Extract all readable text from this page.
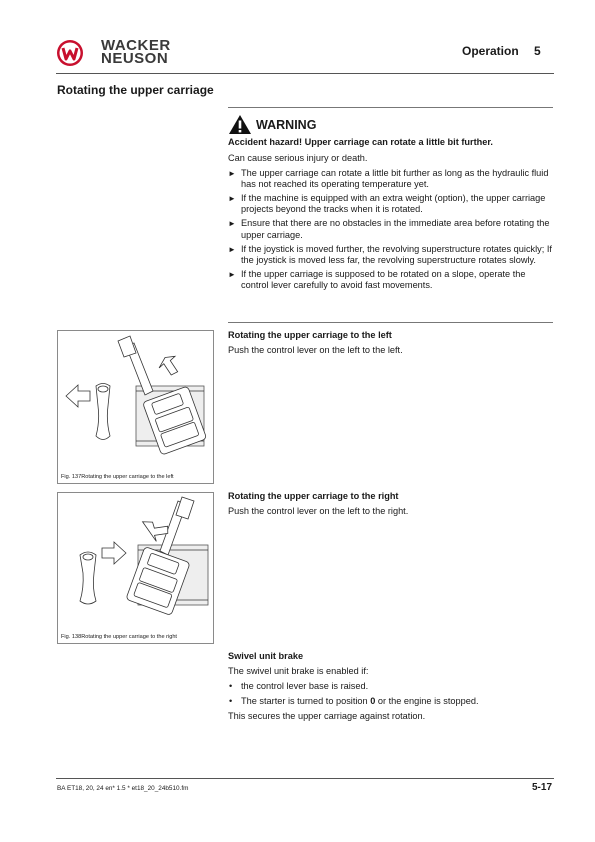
WACKER
NEUSON	Operation 5
Rotating the upper carriage
WARNING
Accident hazard! Upper carriage can rotate a little bit further.
Can cause serious injury or death.
► The upper carriage can rotate a little bit further as long as the hydraulic fluid has not reached its operating temperature yet.
► If the machine is equipped with an extra weight (option), the upper carriage projects beyond the tracks when it is rotated.
► Ensure that there are no obstacles in the immediate area before rotating the upper carriage.
► If the joystick is moved further, the revolving superstructure rotates quickly; If the joystick is moved less far, the revolving superstructure rotates slowly.
► If the upper carriage is supposed to be rotated on a slope, operate the control lever carefully to avoid fast movements.
Fig. 137Rotating the upper carriage to the left
Rotating the upper carriage to the left
Push the control lever on the left to the left.
Fig. 138Rotating the upper carriage to the right
Rotating the upper carriage to the right
Push the control lever on the left to the right.
Swivel unit brake
The swivel unit brake is enabled if:
• the control lever base is raised.
• The starter is turned to position 0 or the engine is stopped.
This secures the upper carriage against rotation.
BA ET18, 20, 24 en* 1.5 * et18_20_24b510.fm	5-17
